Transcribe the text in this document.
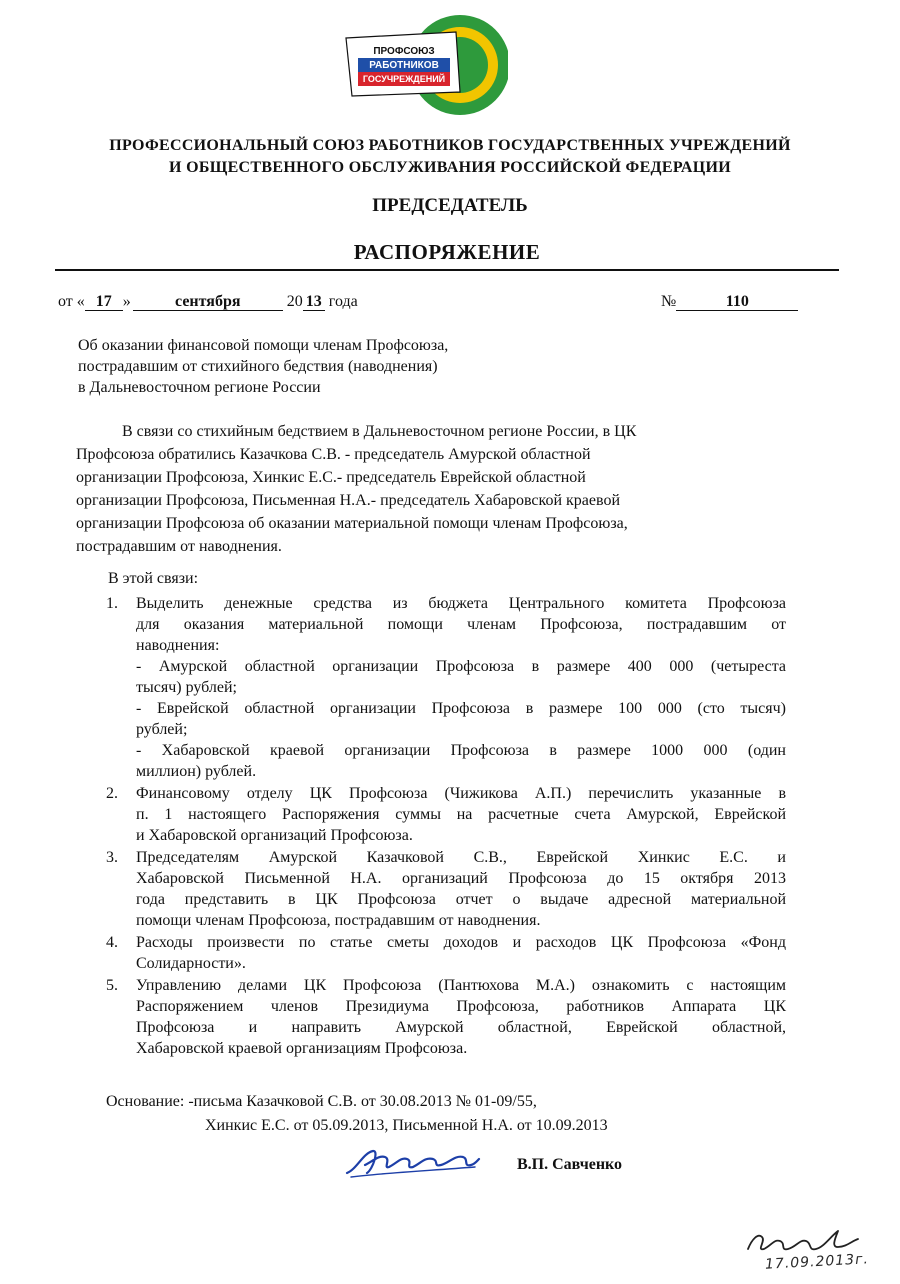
ПРОФСОЮЗ
РАБОТНИКОВ
ГОСУЧРЕЖДЕНИЙ
ПРОФЕССИОНАЛЬНЫЙ СОЮЗ РАБОТНИКОВ ГОСУДАРСТВЕННЫХ УЧРЕЖДЕНИЙ
И ОБЩЕСТВЕННОГО ОБСЛУЖИВАНИЯ РОССИЙСКОЙ ФЕДЕРАЦИИ
ПРЕДСЕДАТЕЛЬ
РАСПОРЯЖЕНИЕ
от « 17 »	сентября	20 13 года	№	110
Об оказании финансовой помощи членам Профсоюза,
пострадавшим от стихийного бедствия (наводнения)
в Дальневосточном регионе России
В связи со стихийным бедствием в Дальневосточном регионе России, в ЦК
Профсоюза обратились Казачкова С.В. - председатель Амурской областной
организации Профсоюза, Хинкис Е.С.- председатель Еврейской областной
организации Профсоюза, Письменная Н.А.- председатель Хабаровской краевой
организации Профсоюза об оказании материальной помощи членам Профсоюза,
пострадавшим от наводнения.
В этой связи:
1. Выделить денежные средства из бюджета Центрального комитета Профсоюза
для оказания материальной помощи членам Профсоюза, пострадавшим от
наводнения:
- Амурской областной организации Профсоюза в размере 400 000 (четыреста
тысяч) рублей;
- Еврейской областной организации Профсоюза в размере 100 000 (сто тысяч)
рублей;
- Хабаровской краевой организации Профсоюза в размере 1000 000 (один
миллион) рублей.
2. Финансовому отделу ЦК Профсоюза (Чижикова А.П.) перечислить указанные в
п. 1 настоящего Распоряжения суммы на расчетные счета Амурской, Еврейской
и Хабаровской организаций Профсоюза.
3. Председателям Амурской Казачковой С.В., Еврейской Хинкис Е.С. и
Хабаровской Письменной Н.А. организаций Профсоюза до 15 октября 2013
года представить в ЦК Профсоюза отчет о выдаче адресной материальной
помощи членам Профсоюза, пострадавшим от наводнения.
4. Расходы произвести по статье сметы доходов и расходов ЦК Профсоюза «Фонд
Солидарности».
5. Управлению делами ЦК Профсоюза (Пантюхова М.А.) ознакомить с настоящим
Распоряжением членов Президиума Профсоюза, работников Аппарата ЦК
Профсоюза и направить Амурской областной, Еврейской областной,
Хабаровской краевой организациям Профсоюза.
Основание: -письма Казачковой С.В. от 30.08.2013 № 01-09/55,
Хинкис Е.С. от 05.09.2013, Письменной Н.А. от 10.09.2013
В.П. Савченко
17.09.2013г.
